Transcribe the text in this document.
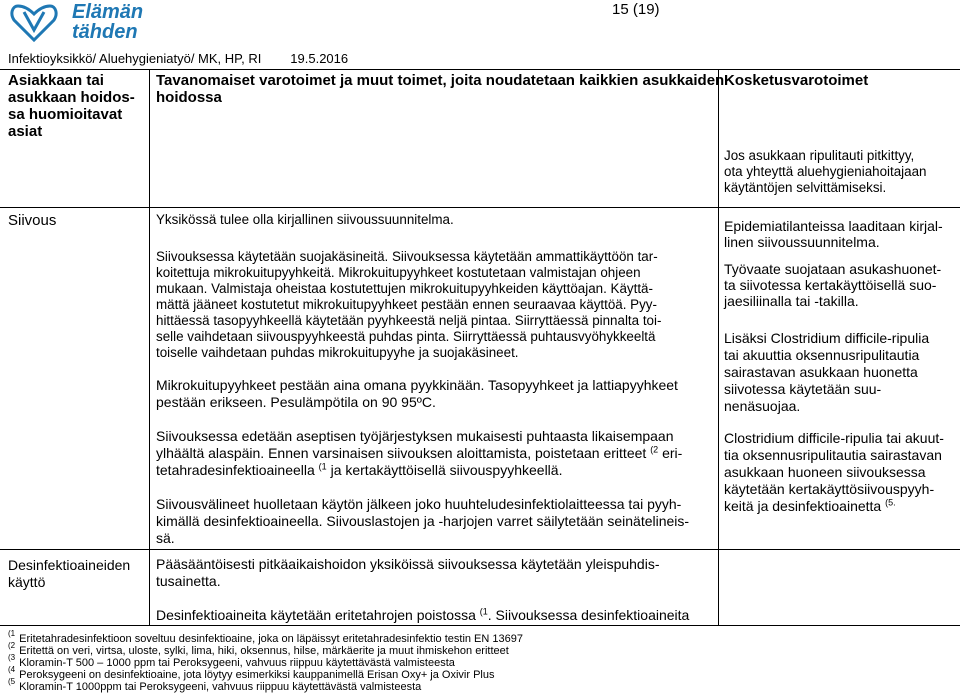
Elämän
tähden
15 (19)
Infektioyksikkö/ Aluehygieniatyö/ MK, HP, RI        19.5.2016
Asiakkaan tai
asukkaan hoidos-
sa huomioitavat
asiat
Tavanomaiset varotoimet ja muut toimet, joita noudatetaan kaikkien asukkaiden
hoidossa
Kosketusvarotoimet
Jos asukkaan ripulitauti pitkittyy,
ota yhteyttä aluehygieniahoitajaan
käytäntöjen selvittämiseksi.
Siivous	Yksikössä tulee olla kirjallinen siivoussuunnitelma.
Siivouksessa käytetään suojakäsineitä. Siivouksessa käytetään ammattikäyttöön tar-
koitettuja mikrokuitupyyhkeitä. Mikrokuitupyyhkeet kostutetaan valmistajan ohjeen
mukaan. Valmistaja oheistaa kostutettujen mikrokuitupyyhkeiden käyttöajan. Käyttä-
mättä jääneet kostutetut mikrokuitupyyhkeet pestään ennen seuraavaa käyttöä. Pyy-
hittäessä tasopyyhkeellä käytetään pyyhkeestä neljä pintaa. Siirryttäessä pinnalta toi-
selle vaihdetaan siivouspyyhkeestä puhdas pinta. Siirryttäessä puhtausvyöhykkeeltä
toiselle vaihdetaan puhdas mikrokuitupyyhe ja suojakäsineet.
Mikrokuitupyyhkeet pestään aina omana pyykkinään. Tasopyyhkeet ja lattiapyyhkeet
pestään erikseen. Pesulämpötila on 90 95ºC.
Siivouksessa edetään aseptisen työjärjestyksen mukaisesti puhtaasta likaisempaan
ylhäältä alaspäin. Ennen varsinaisen siivouksen aloittamista, poistetaan eritteet $^{(2}$ eri-
tetahradesinfektioaineella $^{(1}$ ja kertakäyttöisellä siivouspyyhkeellä.
Siivousvälineet huolletaan käytön jälkeen joko huuhteludesinfektiolaitteessa tai pyyh-
kimällä desinfektioaineella. Siivouslastojen ja -harjojen varret säilytetään seinätelineis-
sä.
Epidemiatilanteissa laaditaan kirjal-
linen siivoussuunnitelma.
Työvaate suojataan asukashuonet-
ta siivotessa kertakäyttöisellä suo-
jaesiliinalla tai -takilla.
Lisäksi Clostridium difficile-ripulia
tai akuuttia oksennusripulitautia
sairastavan asukkaan huonetta
siivotessa käytetään suu-
nenäsuojaa.
Clostridium difficile-ripulia tai akuut-
tia oksennusripulitautia sairastavan
asukkaan huoneen siivouksessa
käytetään kertakäyttösiivouspyyh-
keitä ja desinfektioainetta $^{(5.}$
Desinfektioaineiden
käyttö
Pääsääntöisesti pitkäaikaishoidon yksiköissä siivouksessa käytetään yleispuhdis-
tusainetta.
Desinfektioaineita käytetään eritetahrojen poistossa $^{(1}$. Siivouksessa desinfektioaineita
$^{(1}$ Eritetahradesinfektioon soveltuu desinfektioaine, joka on läpäissyt eritetahradesinfektio testin EN 13697
$^{(2}$ Eritettä on veri, virtsa, uloste, sylki, lima, hiki, oksennus, hilse, märkäerite ja muut ihmiskehon eritteet
$^{(3}$ Kloramin-T 500 – 1000 ppm tai Peroksygeeni, vahvuus riippuu käytettävästä valmisteesta
$^{(4}$ Peroksygeeni on desinfektioaine, jota löytyy esimerkiksi kauppanimellä Erisan Oxy+ ja Oxivir Plus
$^{(5}$ Kloramin-T 1000ppm tai Peroksygeeni, vahvuus riippuu käytettävästä valmisteesta
